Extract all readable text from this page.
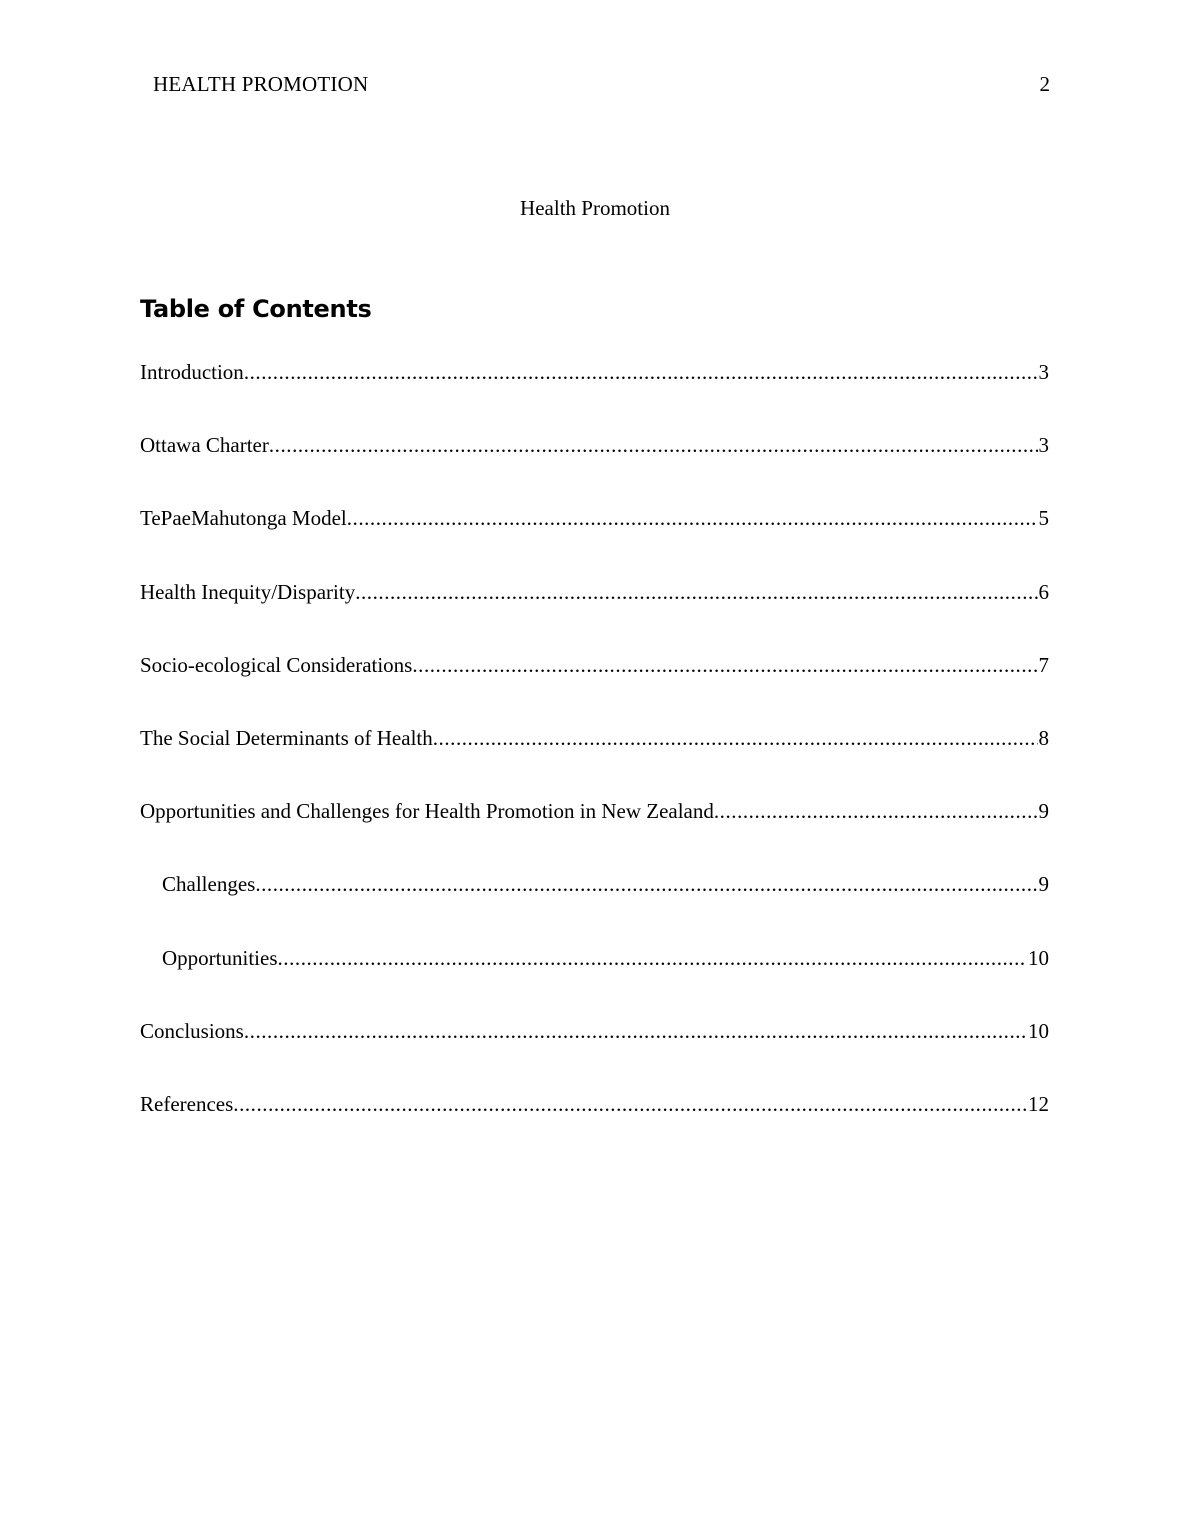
HEALTH PROMOTION	2
Health Promotion
Table of Contents
Introduction .....	3
Ottawa Charter .....	3
TePaeMahutonga Model .....	5
Health Inequity/Disparity .....	6
Socio-ecological Considerations .....	7
The Social Determinants of Health .....	8
Opportunities and Challenges for Health Promotion in New Zealand .....	9
Challenges .....	9
Opportunities .....	10
Conclusions .....	10
References .....	12
